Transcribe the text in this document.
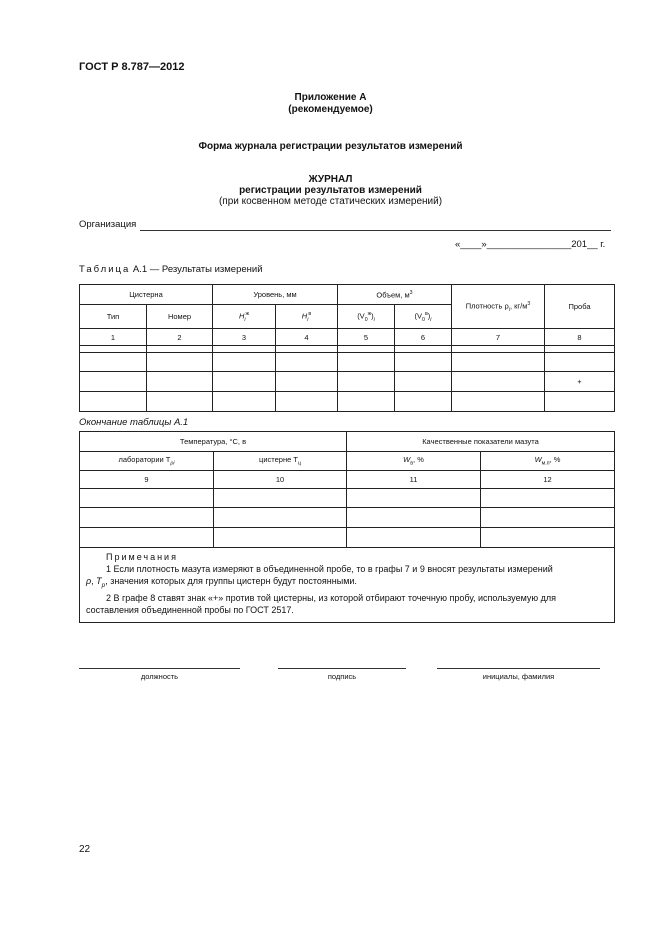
ГОСТ Р 8.787—2012
Приложение А
(рекомендуемое)
Форма журнала регистрации результатов измерений
ЖУРНАЛ
регистрации результатов измерений
(при косвенном методе статических измерений)
Организация
«____»________________201__ г.
Таблица А.1 — Результаты измерений
Цистерна		Уровень, мм		Объем, $м^3$		Плотность $\rho_i$, $кг/м^3$	Проба
Тип	Номер	$H_i^ж$	$H_i^в$	$(V_0^ж)_i$	$(V_0^в)_i$
1	2	3	4	5	6	7	8

							+

Окончание таблицы А.1
Температура, °С, в		Качественные показатели мазута	
лаборатории $T_{\rho i}$	цистерне $T_ц$	$W_в$, %	$W_{м.п}$, %
9	10	11	12

Примечания
1 Если плотность мазута измеряют в объединенной пробе, то в графы 7 и 9 вносят результаты измерений
ρ, $T_p$, значения которых для группы цистерн будут постоянными.
2 В графе 8 ставят знак «+» против той цистерны, из которой отбирают точечную пробу, используемую для
составления объединенной пробы по ГОСТ 2517.			
должность	подпись	инициалы, фамилия
22
